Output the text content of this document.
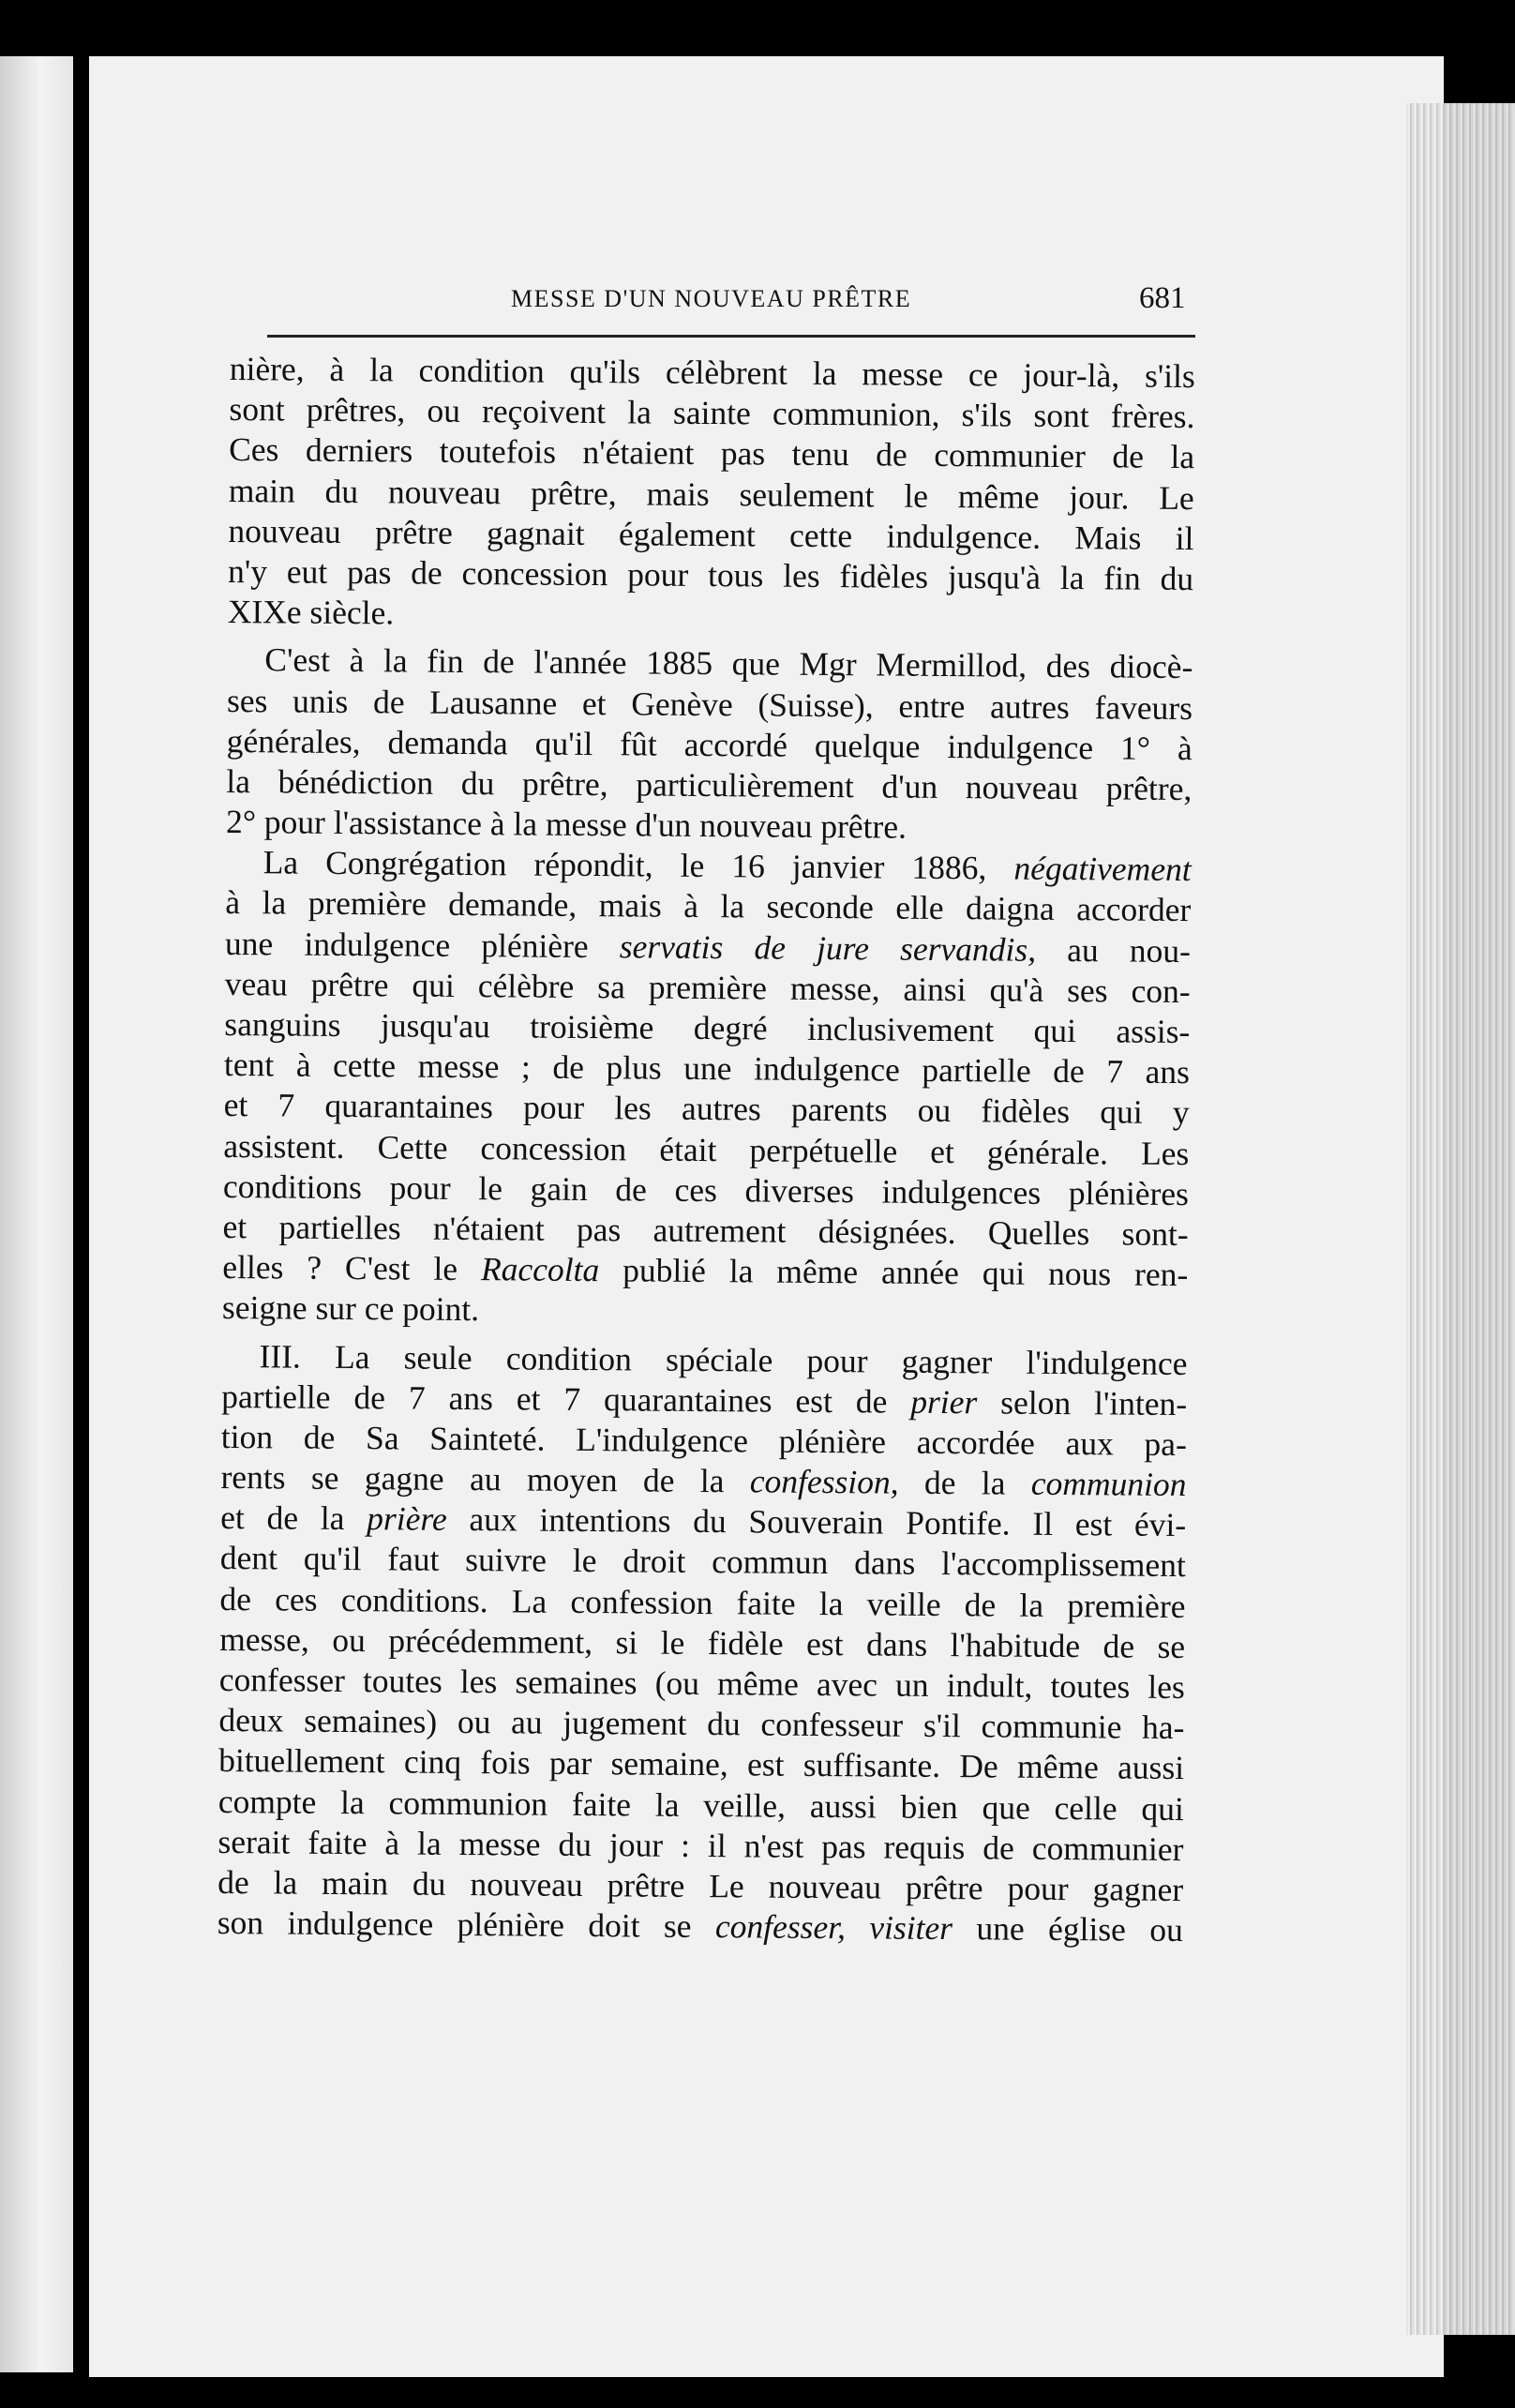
MESSE D'UN NOUVEAU PRÊTRE	681
nière, à la condition qu'ils célèbrent la messe ce jour-là, s'ils
sont prêtres, ou reçoivent la sainte communion, s'ils sont frères.
Ces derniers toutefois n'étaient pas tenu de communier de la
main du nouveau prêtre, mais seulement le même jour. Le
nouveau prêtre gagnait également cette indulgence. Mais il
n'y eut pas de concession pour tous les fidèles jusqu'à la fin du
XIXe siècle.
C'est à la fin de l'année 1885 que Mgr Mermillod, des diocè-
ses unis de Lausanne et Genève (Suisse), entre autres faveurs
générales, demanda qu'il fût accordé quelque indulgence 1° à
la bénédiction du prêtre, particulièrement d'un nouveau prêtre,
2° pour l'assistance à la messe d'un nouveau prêtre.
La Congrégation répondit, le 16 janvier 1886, négativement
à la première demande, mais à la seconde elle daigna accorder
une indulgence plénière servatis de jure servandis, au nou-
veau prêtre qui célèbre sa première messe, ainsi qu'à ses con-
sanguins jusqu'au troisième degré inclusivement qui assis-
tent à cette messe ; de plus une indulgence partielle de 7 ans
et 7 quarantaines pour les autres parents ou fidèles qui y
assistent. Cette concession était perpétuelle et générale. Les
conditions pour le gain de ces diverses indulgences plénières
et partielles n'étaient pas autrement désignées. Quelles sont-
elles ? C'est le Raccolta publié la même année qui nous ren-
seigne sur ce point.
III. La seule condition spéciale pour gagner l'indulgence
partielle de 7 ans et 7 quarantaines est de prier selon l'inten-
tion de Sa Sainteté. L'indulgence plénière accordée aux pa-
rents se gagne au moyen de la confession, de la communion
et de la prière aux intentions du Souverain Pontife. Il est évi-
dent qu'il faut suivre le droit commun dans l'accomplissement
de ces conditions. La confession faite la veille de la première
messe, ou précédemment, si le fidèle est dans l'habitude de se
confesser toutes les semaines (ou même avec un indult, toutes les
deux semaines) ou au jugement du confesseur s'il communie ha-
bituellement cinq fois par semaine, est suffisante. De même aussi
compte la communion faite la veille, aussi bien que celle qui
serait faite à la messe du jour : il n'est pas requis de communier
de la main du nouveau prêtre Le nouveau prêtre pour gagner
son indulgence plénière doit se confesser, visiter une église ou
